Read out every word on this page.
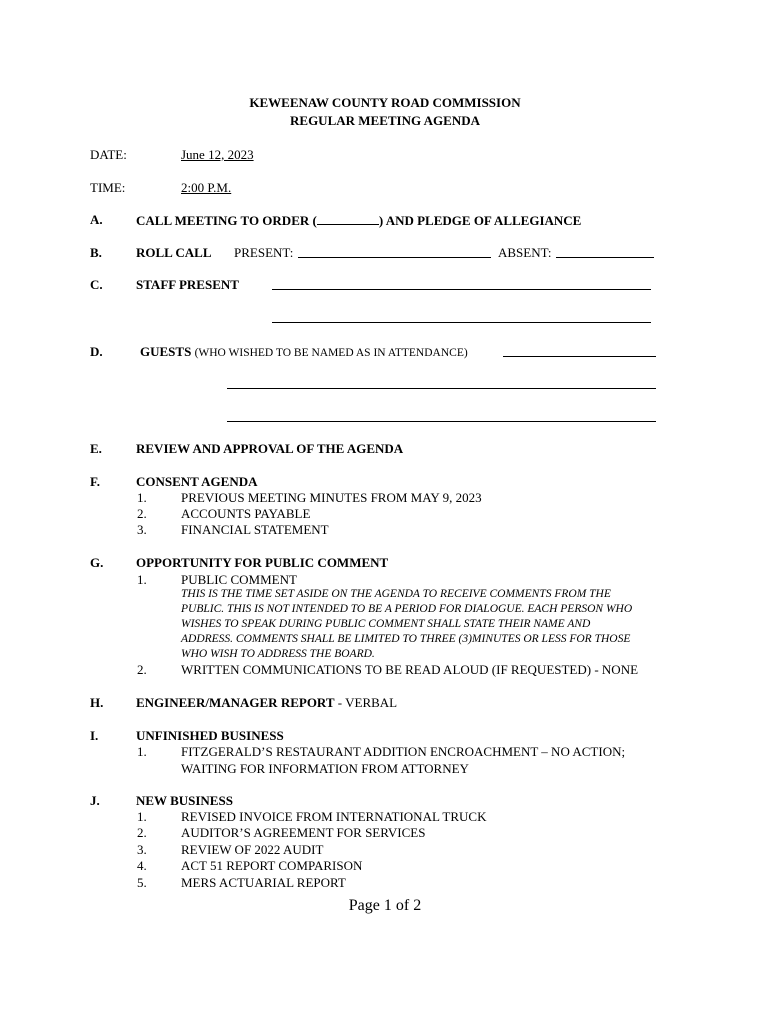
KEWEENAW COUNTY ROAD COMMISSION
REGULAR MEETING AGENDA
DATE:	June 12, 2023
TIME:	2:00 P.M.
A.	CALL MEETING TO ORDER (	) AND PLEDGE OF ALLEGIANCE
B.	ROLL CALL PRESENT:	ABSENT:
C.	STAFF PRESENT
D.	GUESTS (WHO WISHED TO BE NAMED AS IN ATTENDANCE)
E.	REVIEW AND APPROVAL OF THE AGENDA
F.	CONSENT AGENDA
1.	PREVIOUS MEETING MINUTES FROM MAY 9, 2023
2.	ACCOUNTS PAYABLE
3.	FINANCIAL STATEMENT
G.	OPPORTUNITY FOR PUBLIC COMMENT
1.	PUBLIC COMMENT
THIS IS THE TIME SET ASIDE ON THE AGENDA TO RECEIVE COMMENTS FROM THE
PUBLIC. THIS IS NOT INTENDED TO BE A PERIOD FOR DIALOGUE. EACH PERSON WHO
WISHES TO SPEAK DURING PUBLIC COMMENT SHALL STATE THEIR NAME AND
ADDRESS. COMMENTS SHALL BE LIMITED TO THREE (3)MINUTES OR LESS FOR THOSE
WHO WISH TO ADDRESS THE BOARD.
2.	WRITTEN COMMUNICATIONS TO BE READ ALOUD (IF REQUESTED) - NONE
H.	ENGINEER/MANAGER REPORT - VERBAL
I.	UNFINISHED BUSINESS
1.	FITZGERALD’S RESTAURANT ADDITION ENCROACHMENT – NO ACTION;
WAITING FOR INFORMATION FROM ATTORNEY
J.	NEW BUSINESS
1.	REVISED INVOICE FROM INTERNATIONAL TRUCK
2.	AUDITOR’S AGREEMENT FOR SERVICES
3.	REVIEW OF 2022 AUDIT
4.	ACT 51 REPORT COMPARISON
5.	MERS ACTUARIAL REPORT
Page 1 of 2
